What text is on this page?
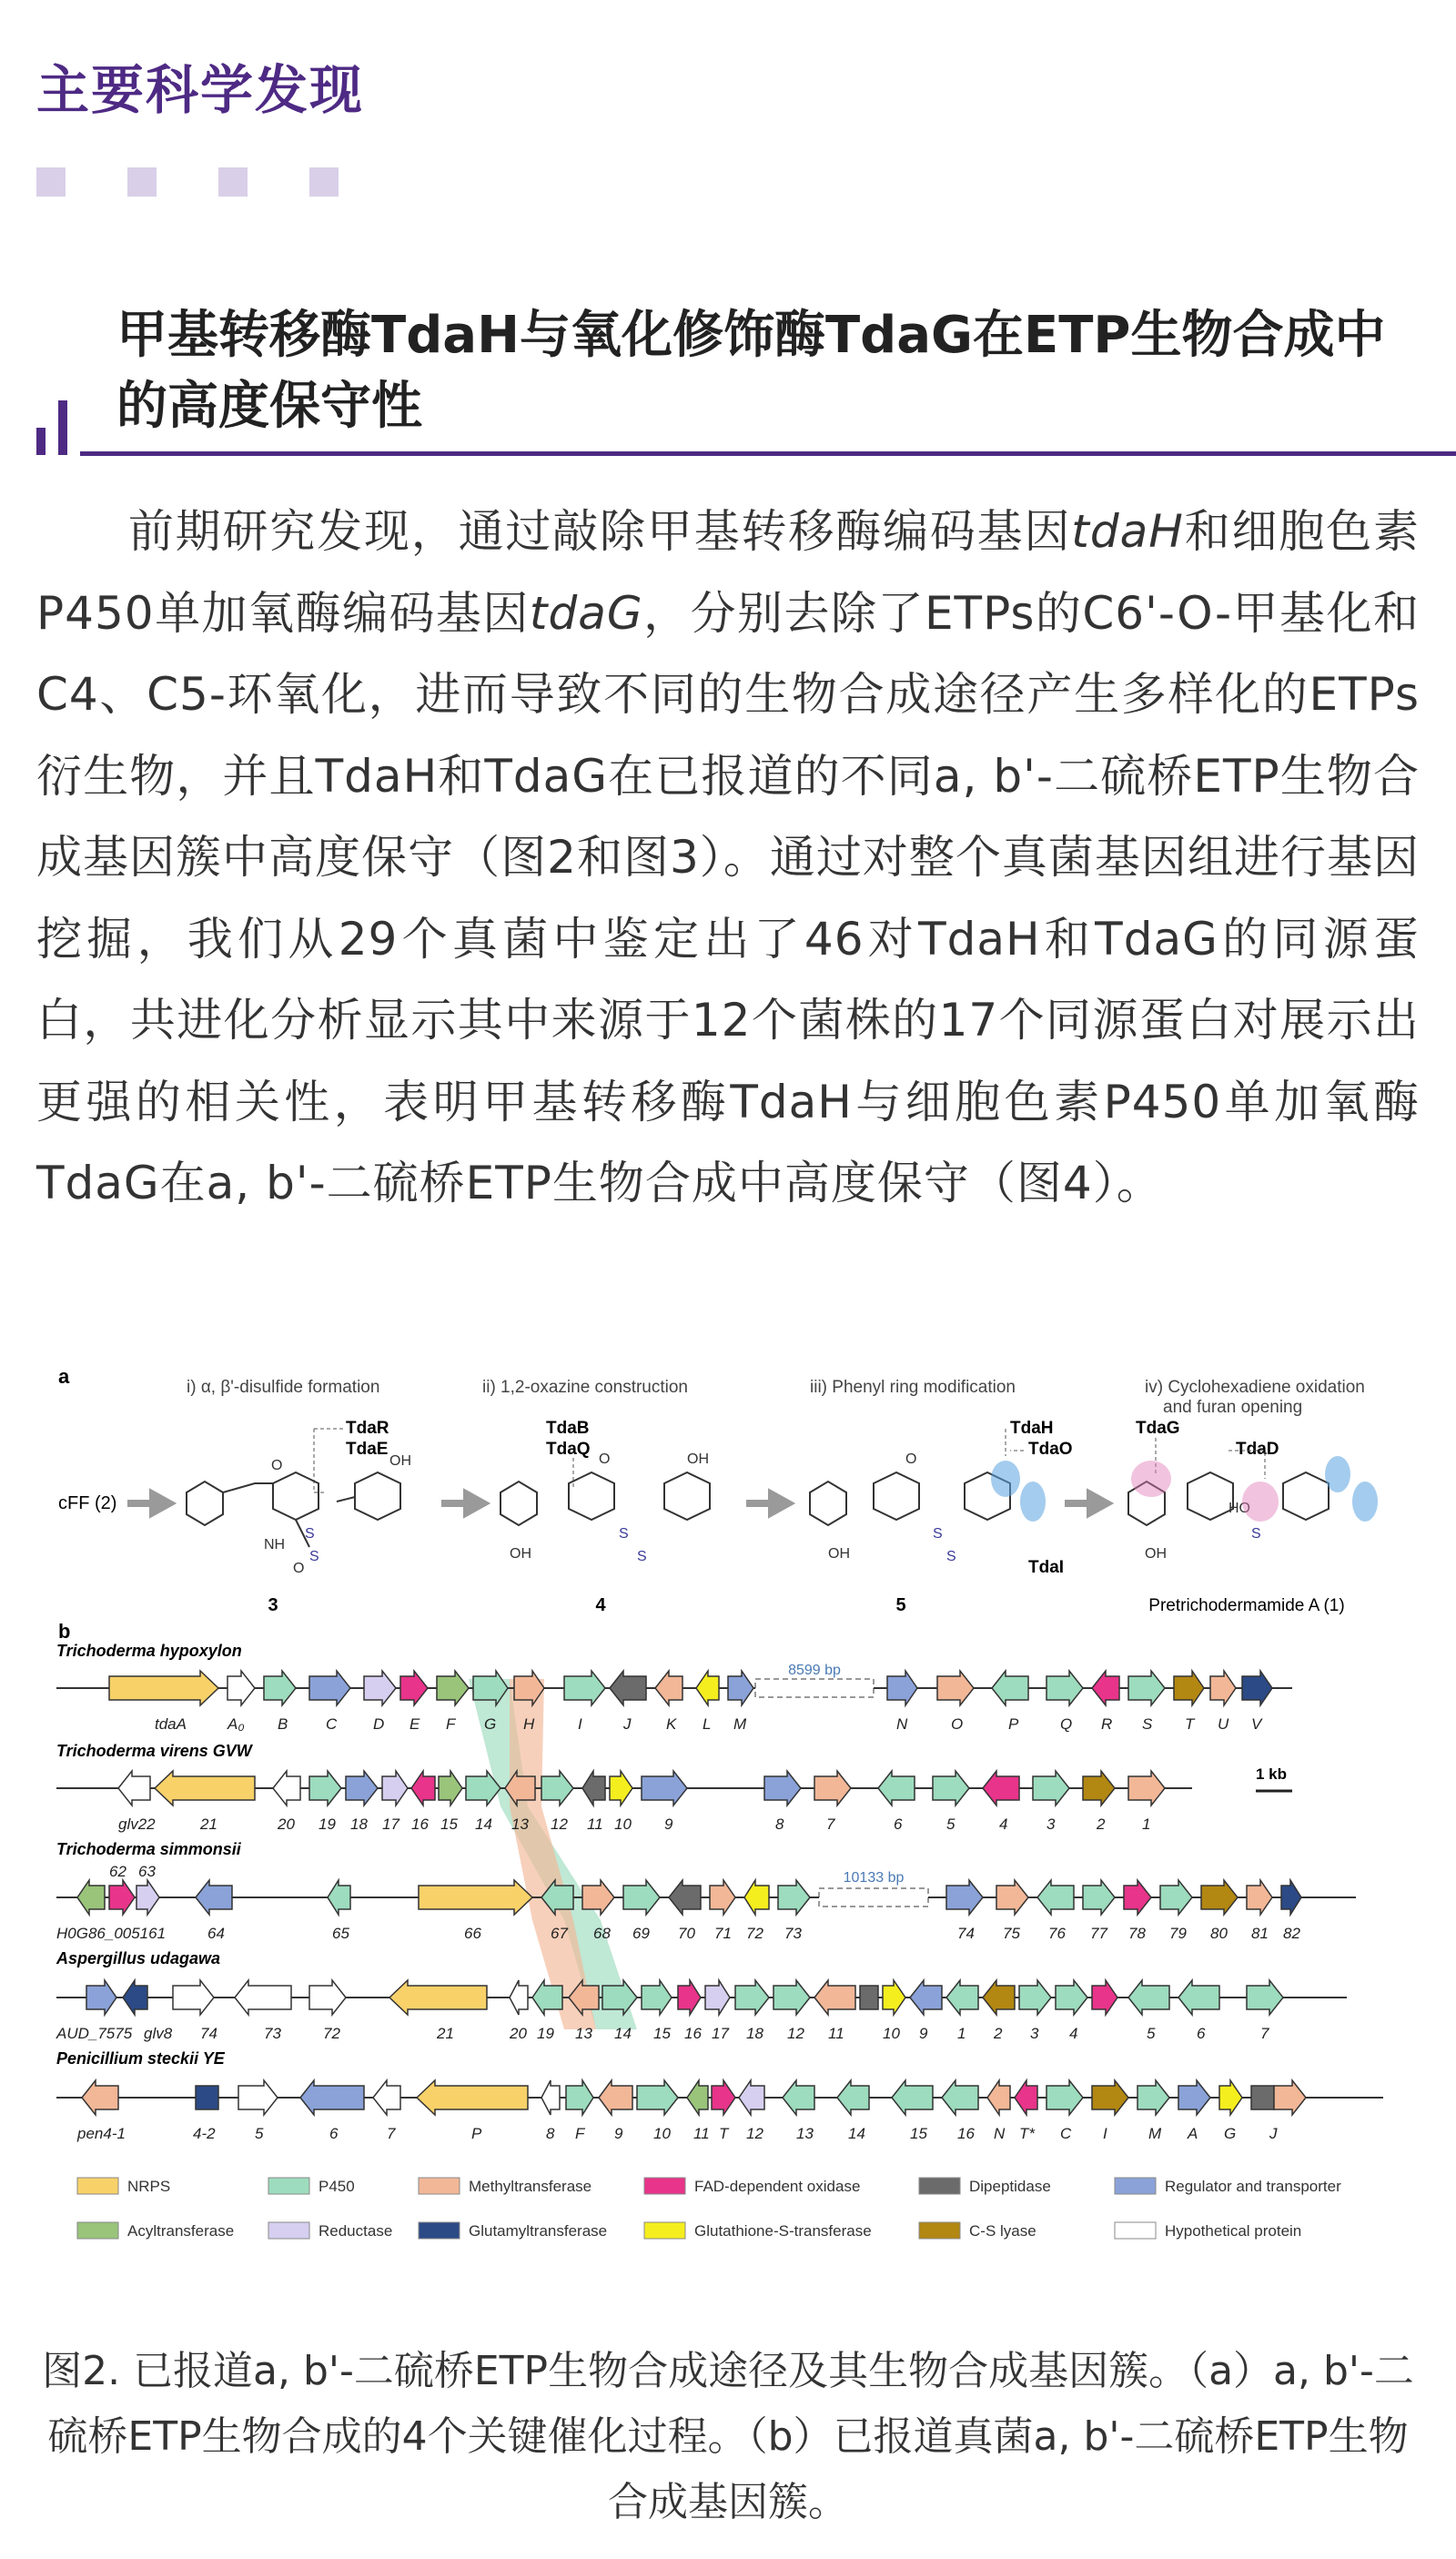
主要科学发现
甲基转移酶TdaH与氧化修饰酶TdaG在ETP生物合成中的高度保守性
前期研究发现，通过敲除甲基转移酶编码基因tdaH和细胞色素P450单加氧酶编码基因tdaG，分别去除了ETPs的C6'-O-甲基化和C4、C5-环氧化，进而导致不同的生物合成途径产生多样化的ETPs衍生物，并且TdaH和TdaG在已报道的不同a, b'-二硫桥ETP生物合成基因簇中高度保守（图2和图3）。通过对整个真菌基因组进行基因挖掘，我们从29个真菌中鉴定出了46对TdaH和TdaG的同源蛋白，共进化分析显示其中来源于12个菌株的17个同源蛋白对展示出更强的相关性，表明甲基转移酶TdaH与细胞色素P450单加氧酶TdaG在a, b'-二硫桥ETP生物合成中高度保守（图4）。
a	i) α, β'-disulfide formation	ii) 1,2-oxazine construction	iii) Phenyl ring modification	iv) Cyclohexadiene oxidation
and furan opening
TdaR
TdaE
TdaB
TdaQ
TdaH
TdaO
TdaI
TdaG
TdaD
cFF (2)
S
S
S
S
S
S
S
O	OH
NH
O
O	OH
OH
O
OH	OH
HO
3	4	5	Pretrichodermamide A (1)
b
Trichoderma hypoxylon
8599 bp
tdaA	A₀ B C D E F G H	I	J K L M	N	O	P	Q R S T U V
Trichoderma virens GVW
1 kb
glv22	21	20 19 18 17 16 15 14 13 12 11 10 9	8	7	6	5	4	3	2 1
Trichoderma simmonsii
10133 bp
62 63
H0G86_005161	64	65	66	67 68 69 70 71 72 73	74 75 76 77 78 79 80 81 82
Aspergillus udagawa
AUD_7575 glv8 74	73	72	21	20 19 13 14 15 16 17 18 12 11 10 9 1 2 3 4	5	6	7
Penicillium steckii YE
pen4-1	4-2	5	6	7	P	8 F 9 10 11 T 12 13 14	15 16 N T* C I	M A G J
NRPS	P450	Methyltransferase	FAD-dependent oxidase	Dipeptidase	Regulator and transporter
Acyltransferase	Reductase	Glutamyltransferase	Glutathione-S-transferase	C-S lyase	Hypothetical protein
图2. 已报道a, b'-二硫桥ETP生物合成途径及其生物合成基因簇。（a）a, b'-二硫桥ETP生物合成的4个关键催化过程。（b）已报道真菌a, b'-二硫桥ETP生物合成基因簇。
